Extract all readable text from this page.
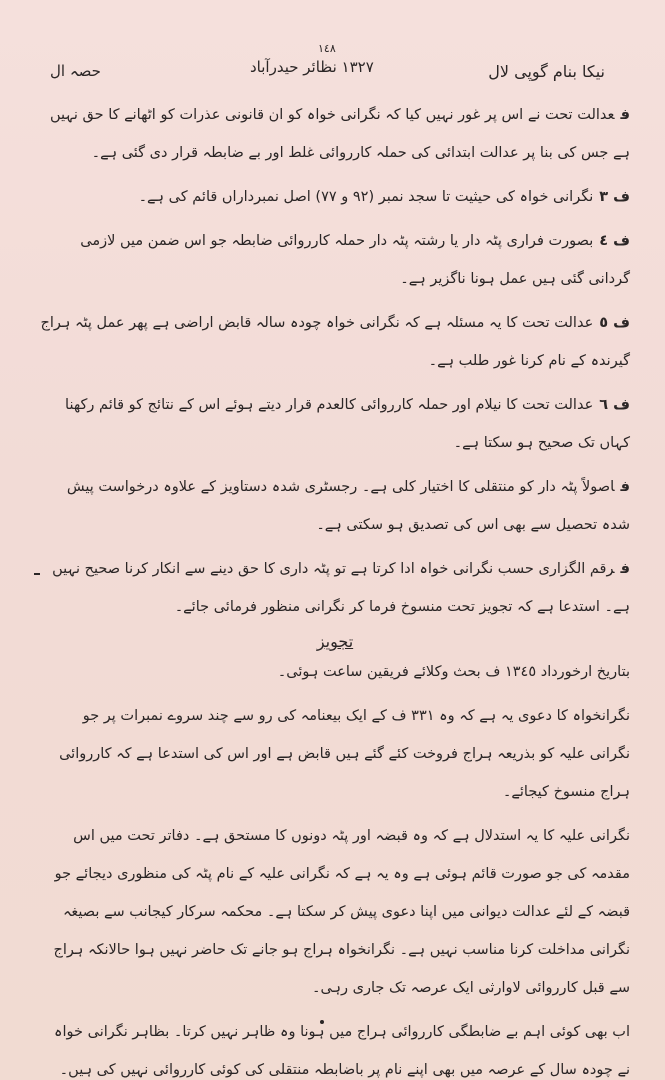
١٤٨
نیکا بنام گوپی لال
١٣٢٧ نظائر حیدرآباد
حصہ ال

فعدالت تحت نے اس پر غور نہیں کیا کہ نگرانی خواہ کو ان قانونی عذرات کو اٹھانے کا حق نہیں ہے جس کی بنا پر عدالت ابتدائی کی حملہ کارروائی غلط اور بے ضابطہ قرار دی گئی ہے۔

ف ٣نگرانی خواہ کی حیثیت تا سجد نمبر (٩٢ و ٧٧) اصل نمبرداراں قائم کی ہے۔

ف ٤بصورت فراری پٹہ دار یا رشتہ پٹہ دار حملہ کارروائی ضابطہ جو اس ضمن میں لازمی گردانی گئی ہیں عمل ہونا ناگزیر ہے۔

ف ٥عدالت تحت کا یہ مسئلہ ہے کہ نگرانی خواہ چودہ سالہ قابض اراضی ہے پھر عمل پٹہ ہراج گیرندہ کے نام کرنا غور طلب ہے۔

ف ٦عدالت تحت کا نیلام اور حملہ کارروائی کالعدم قرار دیتے ہوئے اس کے نتائج کو قائم رکھنا کہاں تک صحیح ہو سکتا ہے۔

فاصولاً پٹہ دار کو منتقلی کا اختیار کلی ہے۔ رجسٹری شدہ دستاویز کے علاوہ درخواست پیش شدہ تحصیل سے بھی اس کی تصدیق ہو سکتی ہے۔

فرقم الگزاری حسب نگرانی خواہ ادا کرتا ہے تو پٹہ داری کا حق دینے سے انکار کرنا صحیح نہیں ہے۔ استدعا ہے کہ تجویز تحت منسوخ فرما کر نگرانی منظور فرمائی جائے۔

تجویز

بتاریخ ارخورداد ١٣٤٥ ف بحث وکلائے فریقین ساعت ہوئی۔

نگرانخواہ کا دعوی یہ ہے کہ وہ ٣٣١ ف کے ایک بیعنامہ کی رو سے چند سروے نمبرات پر جو نگرانی علیہ کو بذریعہ ہراج فروخت کئے گئے ہیں قابض ہے اور اس کی استدعا ہے کہ کارروائی ہراج منسوخ کیجائے۔

نگرانی علیہ کا یہ استدلال ہے کہ وہ قبضہ اور پٹہ دونوں کا مستحق ہے۔ دفاتر تحت میں اس مقدمہ کی جو صورت قائم ہوئی ہے وہ یہ ہے کہ نگرانی علیہ کے نام پٹہ کی منظوری دیجائے جو قبضہ کے لئے عدالت دیوانی میں اپنا دعوی پیش کر سکتا ہے۔ محکمہ سرکار کیجانب سے بصیغہ نگرانی مداخلت کرنا مناسب نہیں ہے۔ نگرانخواہ ہراج ہو جانے تک حاضر نہیں ہوا حالانکہ ہراج سے قبل کارروائی لاوارثی ایک عرصہ تک جاری رہی۔

اب بھی کوئی اہم بے ضابطگی کارروائی ہراج میں ہونا وہ ظاہر نہیں کرتا۔ بظاہر نگرانی خواہ نے چودہ سال کے عرصہ میں بھی اپنے نام پر باضابطہ منتقلی کی کوئی کارروائی نہیں کی ہیں۔
